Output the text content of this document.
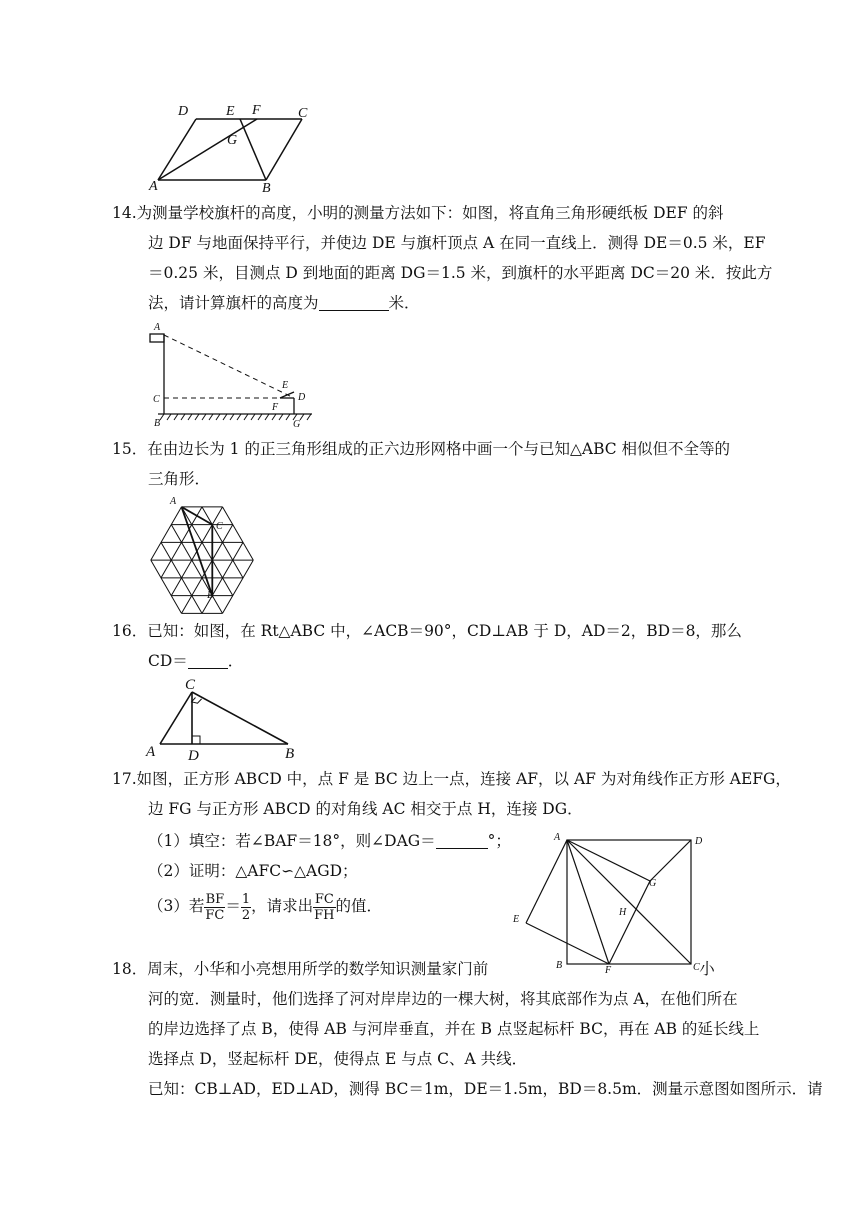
D	E F	C
G
A	B
14.为测量学校旗杆的高度，小明的测量方法如下：如图，将直角三角形硬纸板 DEF 的斜
边 DF 与地面保持平行，并使边 DE 与旗杆顶点 A 在同一直线上．测得 DE＝0.5 米，EF
＝0.25 米，目测点 D 到地面的距离 DG＝1.5 米，到旗杆的水平距离 DC＝20 米．按此方
法，请计算旗杆的高度为	米．
A
C
B
E
D
F
G
15．在由边长为 1 的正三角形组成的正六边形网格中画一个与已知△ABC 相似但不全等的
三角形．
A
C
B
16．已知：如图，在 Rt△ABC 中，∠ACB＝90°，CD⊥AB 于 D，AD＝2，BD＝8，那么
CD＝	．
C
A D	B
17.如图，正方形 ABCD 中，点 F 是 BC 边上一点，连接 AF，以 AF 为对角线作正方形 AEFG，
边 FG 与正方形 ABCD 的对角线 AC 相交于点 H，连接 DG．
（1）填空：若∠BAF＝18°，则∠DAG＝	°；
（2）证明：△AFC∽△AGD；
（3）若 $\frac{BF}{FC} = \frac{1}{2}$ ，请求出 $\frac{FC}{FH}$ 的值．
A	D
G
H
E
B	F	C
18．周末，小华和小亮想用所学的数学知识测量家门前	小
河的宽．测量时，他们选择了河对岸岸边的一棵大树，将其底部作为点 A，在他们所在
的岸边选择了点 B，使得 AB 与河岸垂直，并在 B 点竖起标杆 BC，再在 AB 的延长线上
选择点 D，竖起标杆 DE，使得点 E 与点 C、A 共线．
已知：CB⊥AD，ED⊥AD，测得 BC＝1m，DE＝1.5m，BD＝8.5m．测量示意图如图所示．请
